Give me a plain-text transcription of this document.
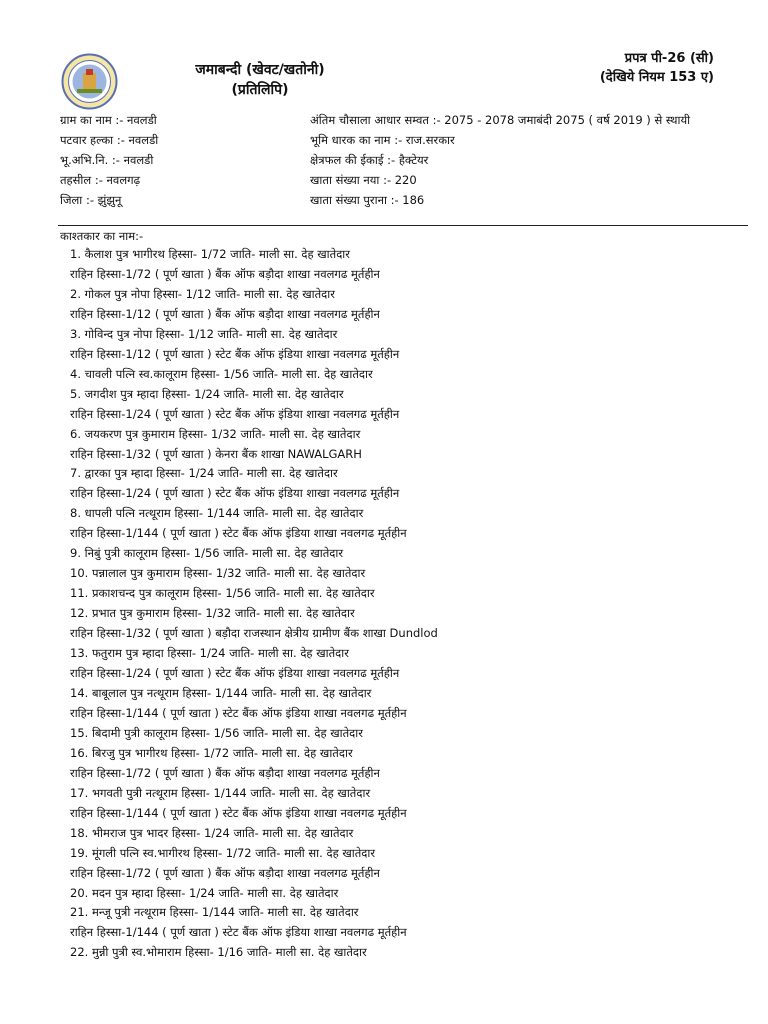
जमाबन्दी (खेवट/खतोनी)
(प्रतिलिपि)
प्रपत्र पी-26 (सी)
(देखिये नियम 153 ए)
ग्राम का नाम :- नवलडी
पटवार हल्का :- नवलडी
भू.अभि.नि. :- नवलडी
तहसील :- नवलगढ़
जिला :- झुंझुनू
अंतिम चौसाला आधार सम्वत :- 2075 - 2078 जमाबंदी 2075 ( वर्ष 2019 ) से स्थायी
भूमि धारक का नाम :- राज.सरकार
क्षेत्रफल की ईकाई :- हैक्टेयर
खाता संख्या नया :- 220
खाता संख्या पुराना :- 186
काश्तकार का नाम:-
1. कैलाश पुत्र भागीरथ हिस्सा- 1/72 जाति- माली सा. देह खातेदार
राहिन हिस्सा-1/72 ( पूर्ण खाता ) बैंक ऑफ बड़ौदा शाखा नवलगढ मूर्तहीन
2. गोकल पुत्र नोपा हिस्सा- 1/12 जाति- माली सा. देह खातेदार
राहिन हिस्सा-1/12 ( पूर्ण खाता ) बैंक ऑफ बड़ौदा शाखा नवलगढ मूर्तहीन
3. गोविन्द पुत्र नोपा हिस्सा- 1/12 जाति- माली सा. देह खातेदार
राहिन हिस्सा-1/12 ( पूर्ण खाता ) स्टेट बैंक ऑफ इंडिया शाखा नवलगढ मूर्तहीन
4. चावली पत्नि स्व.कालूराम हिस्सा- 1/56 जाति- माली सा. देह खातेदार
5. जगदीश पुत्र म्हादा हिस्सा- 1/24 जाति- माली सा. देह खातेदार
राहिन हिस्सा-1/24 ( पूर्ण खाता ) स्टेट बैंक ऑफ इंडिया शाखा नवलगढ मूर्तहीन
6. जयकरण पुत्र कुमाराम हिस्सा- 1/32 जाति- माली सा. देह खातेदार
राहिन हिस्सा-1/32 ( पूर्ण खाता ) केनरा बैंक शाखा NAWALGARH
7. द्वारका पुत्र म्हादा हिस्सा- 1/24 जाति- माली सा. देह खातेदार
राहिन हिस्सा-1/24 ( पूर्ण खाता ) स्टेट बैंक ऑफ इंडिया शाखा नवलगढ मूर्तहीन
8. धापली पत्नि नत्थूराम हिस्सा- 1/144 जाति- माली सा. देह खातेदार
राहिन हिस्सा-1/144 ( पूर्ण खाता ) स्टेट बैंक ऑफ इंडिया शाखा नवलगढ मूर्तहीन
9. निबुं पुत्री कालूराम हिस्सा- 1/56 जाति- माली सा. देह खातेदार
10. पन्नालाल पुत्र कुमाराम हिस्सा- 1/32 जाति- माली सा. देह खातेदार
11. प्रकाशचन्द पुत्र कालूराम हिस्सा- 1/56 जाति- माली सा. देह खातेदार
12. प्रभात पुत्र कुमाराम हिस्सा- 1/32 जाति- माली सा. देह खातेदार
राहिन हिस्सा-1/32 ( पूर्ण खाता ) बड़ौदा राजस्थान क्षेत्रीय ग्रामीण बैंक शाखा Dundlod
13. फतुराम पुत्र म्हादा हिस्सा- 1/24 जाति- माली सा. देह खातेदार
राहिन हिस्सा-1/24 ( पूर्ण खाता ) स्टेट बैंक ऑफ इंडिया शाखा नवलगढ मूर्तहीन
14. बाबूलाल पुत्र नत्थूराम हिस्सा- 1/144 जाति- माली सा. देह खातेदार
राहिन हिस्सा-1/144 ( पूर्ण खाता ) स्टेट बैंक ऑफ इंडिया शाखा नवलगढ मूर्तहीन
15. बिदामी पुत्री कालूराम हिस्सा- 1/56 जाति- माली सा. देह खातेदार
16. बिरजु पुत्र भागीरथ हिस्सा- 1/72 जाति- माली सा. देह खातेदार
राहिन हिस्सा-1/72 ( पूर्ण खाता ) बैंक ऑफ बड़ौदा शाखा नवलगढ मूर्तहीन
17. भगवती पुत्री नत्थूराम हिस्सा- 1/144 जाति- माली सा. देह खातेदार
राहिन हिस्सा-1/144 ( पूर्ण खाता ) स्टेट बैंक ऑफ इंडिया शाखा नवलगढ मूर्तहीन
18. भीमराज पुत्र भादर हिस्सा- 1/24 जाति- माली सा. देह खातेदार
19. मूंगली पत्नि स्व.भागीरथ हिस्सा- 1/72 जाति- माली सा. देह खातेदार
राहिन हिस्सा-1/72 ( पूर्ण खाता ) बैंक ऑफ बड़ौदा शाखा नवलगढ मूर्तहीन
20. मदन पुत्र म्हादा हिस्सा- 1/24 जाति- माली सा. देह खातेदार
21. मन्जू पुत्री नत्थूराम हिस्सा- 1/144 जाति- माली सा. देह खातेदार
राहिन हिस्सा-1/144 ( पूर्ण खाता ) स्टेट बैंक ऑफ इंडिया शाखा नवलगढ मूर्तहीन
22. मुन्नी पुत्री स्व.भोमाराम हिस्सा- 1/16 जाति- माली सा. देह खातेदार
